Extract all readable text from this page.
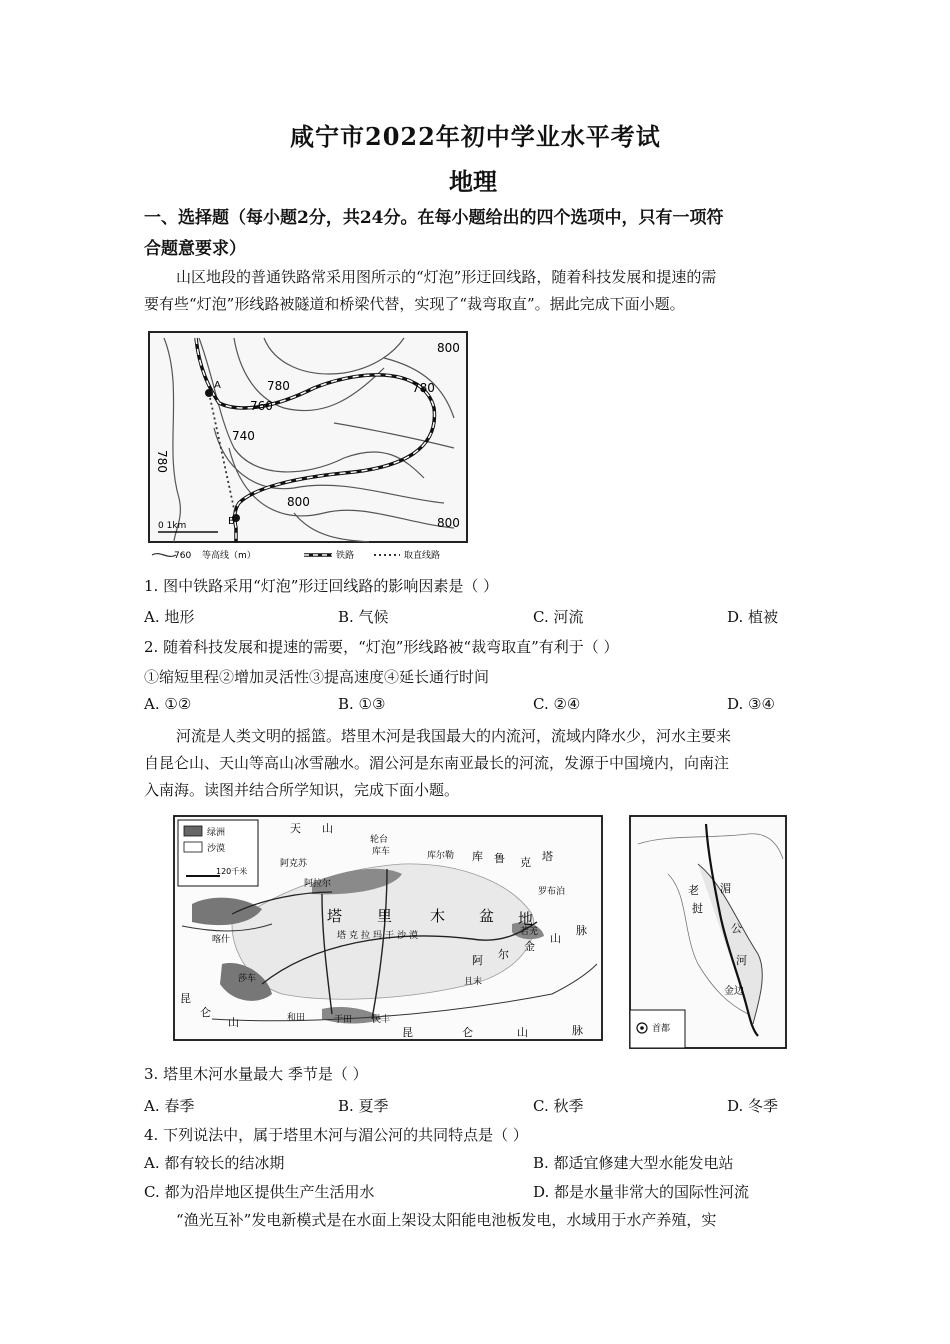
咸宁市2022年初中学业水平考试
地理
一、选择题（每小题2分，共24分。在每小题给出的四个选项中，只有一项符
合题意要求）
山区地段的普通铁路常采用图所示的“灯泡”形迂回线路，随着科技发展和提速的需
要有些“灯泡”形线路被隧道和桥梁代替，实现了“裁弯取直”。据此完成下面小题。
A
B
800
780
780
760
740
780
800
800
0 1km
760 等高线（m）	铁路	取直线路
1. 图中铁路采用“灯泡”形迂回线路的影响因素是（ ）
A. 地形	B. 气候	C. 河流	D. 植被
2. 随着科技发展和提速的需要，“灯泡”形线路被“裁弯取直”有利于（ ）
①缩短里程②增加灵活性③提高速度④延长通行时间
A. ①②	B. ①③	C. ②④	D. ③④
河流是人类文明的摇篮。塔里木河是我国最大的内流河，流域内降水少，河水主要来
自昆仑山、天山等高山冰雪融水。湄公河是东南亚最长的河流，发源于中国境内，向南注
入南海。读图并结合所学知识，完成下面小题。
绿洲
沙漠
120千米
喀什
莎车
和田	于田 民丰
且末
若羌
阿克苏
阿拉尔
轮台
库车	库尔勒
罗布泊
天 山
库 鲁 克 塔
塔 里	木 盆 地
塔克拉玛干沙漠
阿 尔
金
山
脉
昆	仑	山	脉
昆
仑
山	首都
老
挝
湄
公
河
金边
3. 塔里木河水量最大 季节是（ ）
A. 春季	B. 夏季	C. 秋季	D. 冬季
4. 下列说法中，属于塔里木河与湄公河的共同特点是（ ）
A. 都有较长的结冰期	B. 都适宜修建大型水能发电站
C. 都为沿岸地区提供生产生活用水	D. 都是水量非常大的国际性河流
“渔光互补”发电新模式是在水面上架设太阳能电池板发电，水域用于水产养殖，实
